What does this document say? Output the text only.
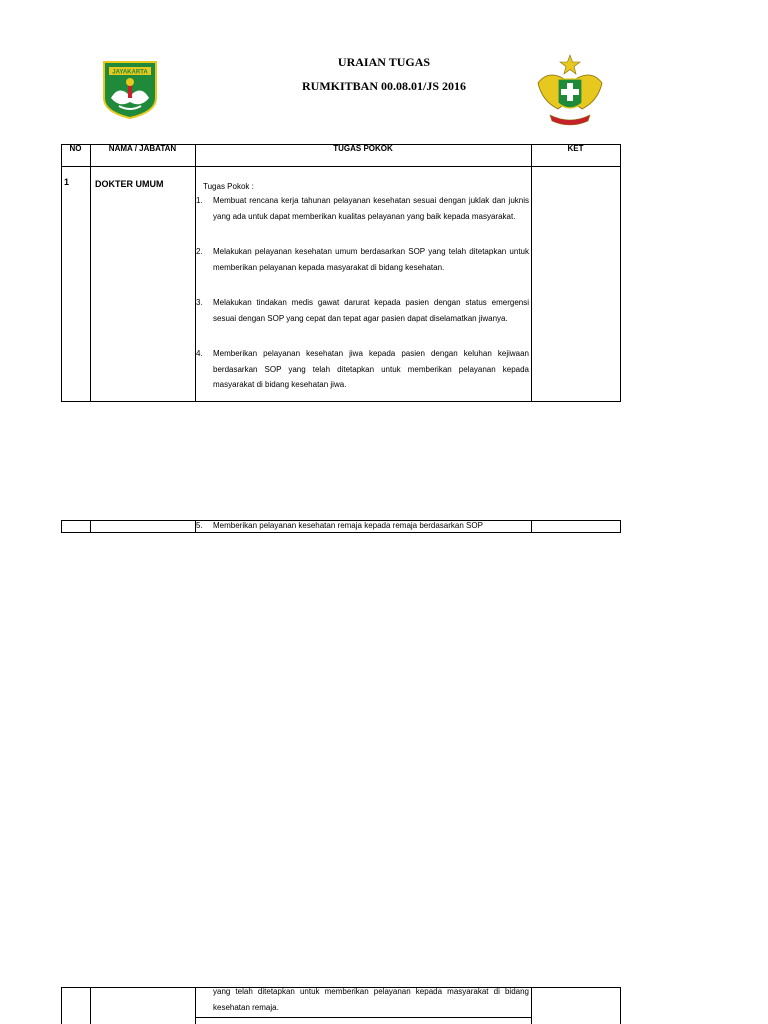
URAIAN TUGAS
RUMKITBAN 00.08.01/JS 2016
JAYAKARTA
NO	NAMA / JABATAN	TUGAS POKOK	KET
1	DOKTER UMUM	Tugas Pokok :
1. Membuat rencana kerja tahunan pelayanan kesehatan sesuai dengan juklak dan juknis yang ada untuk dapat memberikan kualitas pelayanan yang baik kepada masyarakat.
2. Melakukan pelayanan kesehatan umum berdasarkan SOP yang telah ditetapkan untuk memberikan pelayanan kepada masyarakat di bidang kesehatan.
3. Melakukan tindakan medis gawat darurat kepada pasien dengan status emergensi sesuai dengan SOP yang cepat dan tepat agar pasien dapat diselamatkan jiwanya.
4. Memberikan pelayanan kesehatan jiwa kepada pasien dengan keluhan kejiwaan berdasarkan SOP yang telah ditetapkan untuk memberikan pelayanan kepada masyarakat di bidang kesehatan jiwa.
5. Memberikan pelayanan kesehatan remaja kepada remaja berdasarkan SOP
yang telah ditetapkan untuk memberikan pelayanan kepada masyarakat di bidang kesehatan remaja.
